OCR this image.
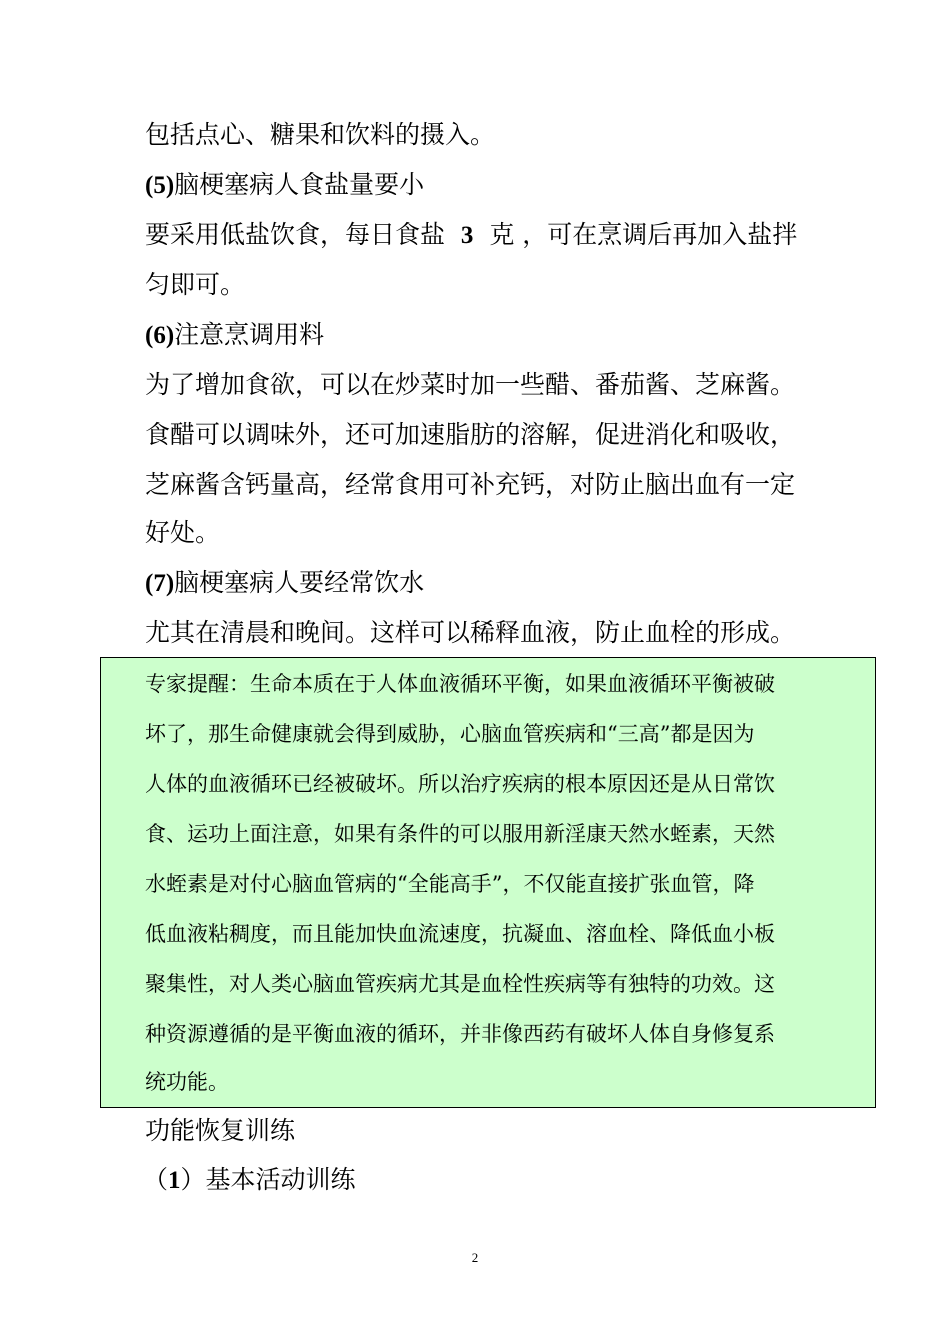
包括点心、糖果和饮料的摄入。
(5)脑梗塞病人食盐量要小
要采用低盐饮食，每日食盐 3 克 ，可在烹调后再加入盐拌
匀即可。
(6)注意烹调用料
为了增加食欲，可以在炒菜时加一些醋、番茄酱、芝麻酱。
食醋可以调味外，还可加速脂肪的溶解，促进消化和吸收，
芝麻酱含钙量高，经常食用可补充钙，对防止脑出血有一定
好处。
(7)脑梗塞病人要经常饮水
尤其在清晨和晚间。这样可以稀释血液，防止血栓的形成。
专家提醒：生命本质在于人体血液循环平衡，如果血液循环平衡被破
坏了，那生命健康就会得到威胁，心脑血管疾病和“三高”都是因为
人体的血液循环已经被破坏。所以治疗疾病的根本原因还是从日常饮
食、运功上面注意，如果有条件的可以服用新淫康天然水蛭素，天然
水蛭素是对付心脑血管病的“全能高手”，不仅能直接扩张血管，降
低血液粘稠度，而且能加快血流速度，抗凝血、溶血栓、降低血小板
聚集性，对人类心脑血管疾病尤其是血栓性疾病等有独特的功效。这
种资源遵循的是平衡血液的循环，并非像西药有破坏人体自身修复系
统功能。
功能恢复训练
（1）基本活动训练
2
